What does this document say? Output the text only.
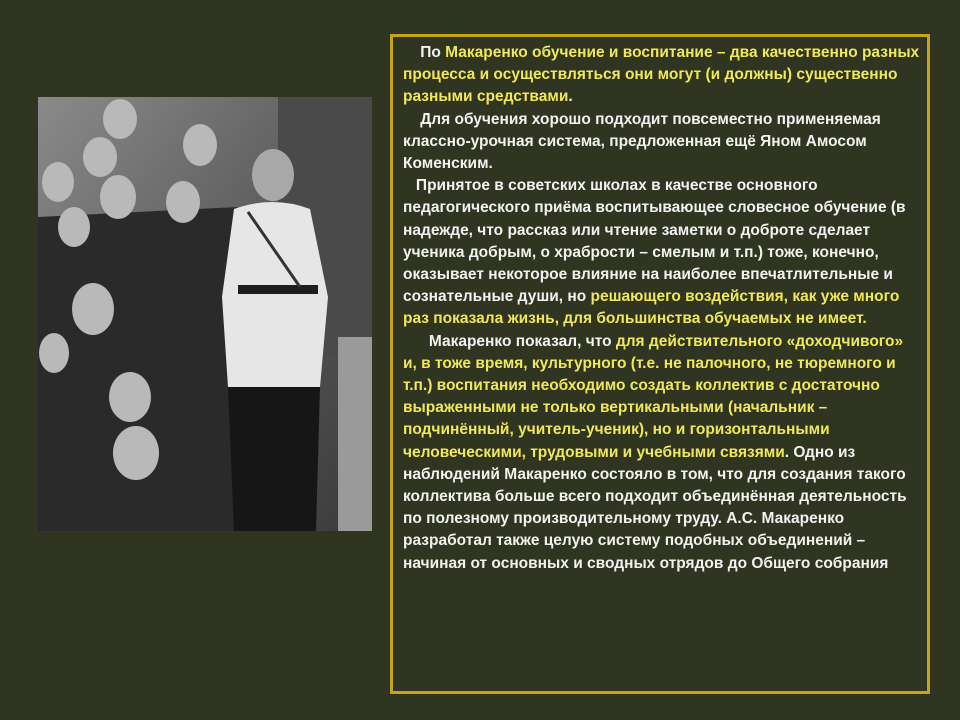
По Макаренко обучение и воспитание – два качественно разных процесса и осуществляться они могут (и должны) существенно разными средствами.

Для обучения хорошо подходит повсеместно применяемая классно-урочная система, предложенная ещё Яном Амосом Коменским.

Принятое в советских школах в качестве основного педагогического приёма воспитывающее словесное обучение (в надежде, что рассказ или чтение заметки о доброте сделает ученика добрым, о храбрости – смелым и т.п.) тоже, конечно, оказывает некоторое влияние на наиболее впечатлительные и сознательные души, но решающего воздействия, как уже много раз показала жизнь, для большинства обучаемых не имеет.

Макаренко показал, что для действительного «доходчивого» и, в тоже время, культурного (т.е. не палочного, не тюремного и т.п.) воспитания необходимо создать коллектив с достаточно выраженными не только вертикальными (начальник – подчинённый, учитель-ученик), но и горизонтальными человеческими, трудовыми и учебными связями. Одно из наблюдений Макаренко состояло в том, что для создания такого коллектива больше всего подходит объединённая деятельность по полезному производительному труду. А.С. Макаренко разработал также целую систему подобных объединений – начиная от основных и сводных отрядов до Общего собрания
